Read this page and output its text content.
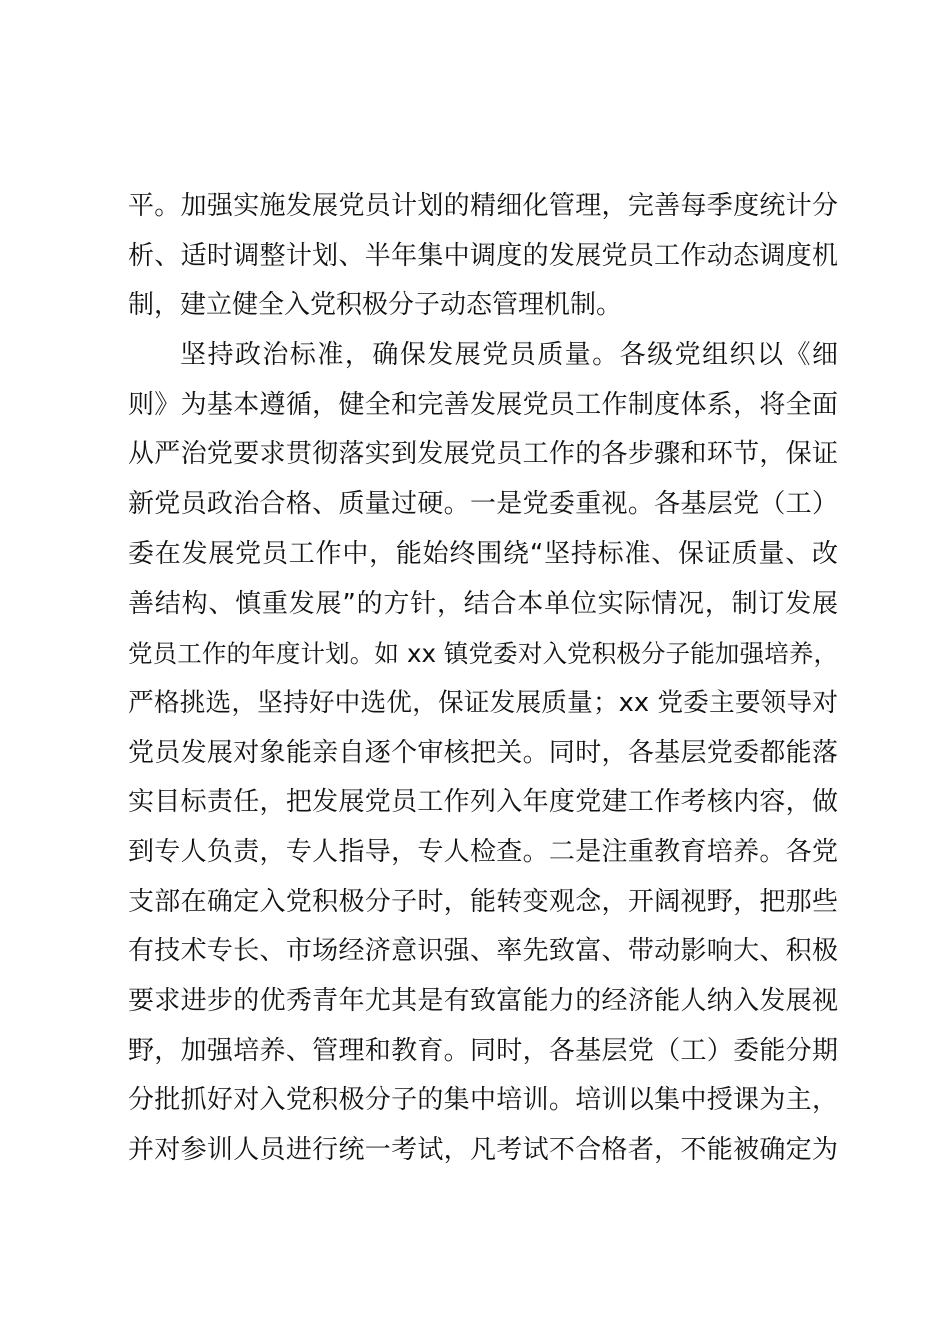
平。加强实施发展党员计划的精细化管理，完善每季度统计分
析、适时调整计划、半年集中调度的发展党员工作动态调度机
制，建立健全入党积极分子动态管理机制。
坚持政治标准，确保发展党员质量。各级党组织以《细
则》为基本遵循，健全和完善发展党员工作制度体系，将全面
从严治党要求贯彻落实到发展党员工作的各步骤和环节，保证
新党员政治合格、质量过硬。一是党委重视。各基层党（工）
委在发展党员工作中，能始终围绕“坚持标准、保证质量、改
善结构、慎重发展”的方针，结合本单位实际情况，制订发展
党员工作的年度计划。如 xx 镇党委对入党积极分子能加强培养，
严格挑选，坚持好中选优，保证发展质量；xx 党委主要领导对
党员发展对象能亲自逐个审核把关。同时，各基层党委都能落
实目标责任，把发展党员工作列入年度党建工作考核内容，做
到专人负责，专人指导，专人检查。二是注重教育培养。各党
支部在确定入党积极分子时，能转变观念，开阔视野，把那些
有技术专长、市场经济意识强、率先致富、带动影响大、积极
要求进步的优秀青年尤其是有致富能力的经济能人纳入发展视
野，加强培养、管理和教育。同时，各基层党（工）委能分期
分批抓好对入党积极分子的集中培训。培训以集中授课为主，
并对参训人员进行统一考试，凡考试不合格者，不能被确定为
